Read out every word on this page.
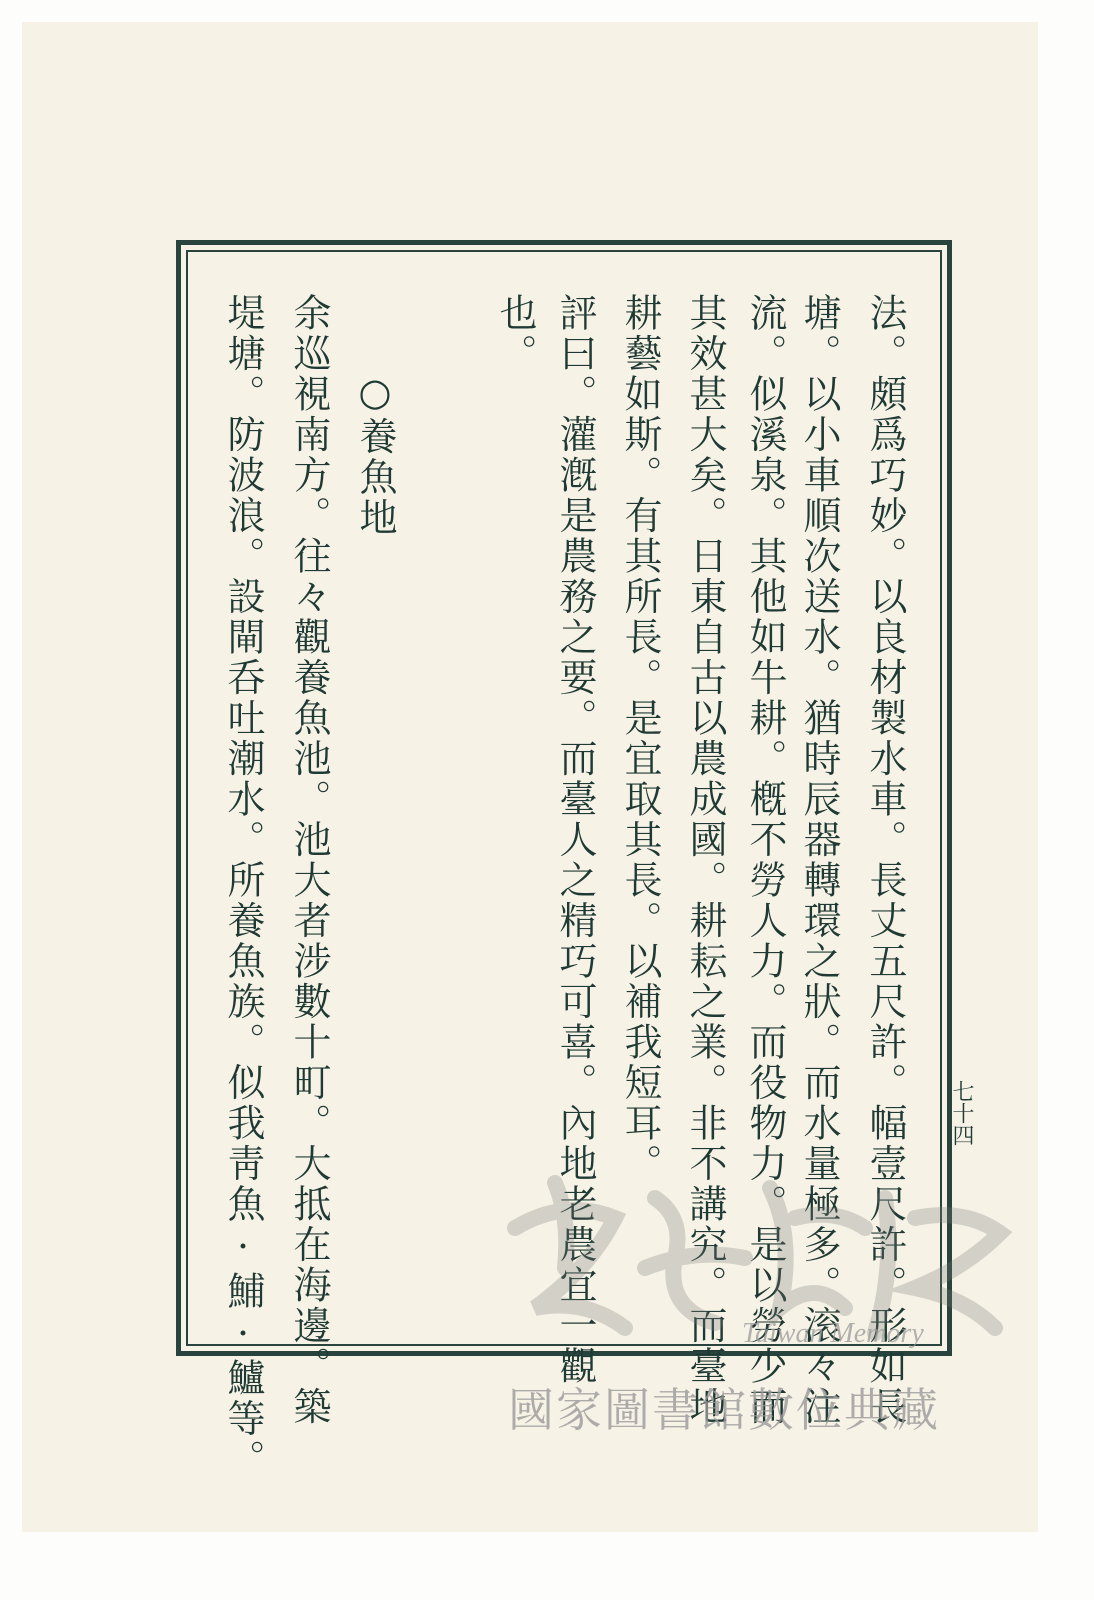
七十四

法。頗爲巧妙。以良材製水車。長丈五尺許。幅壹尺許。形如長

塘。以小車順次送水。猶時辰器轉環之狀。而水量極多。滚々注

流。似溪泉。其他如牛耕。槪不勞人力。而役物力。是以勞少而

其效甚大矣。日東自古以農成國。耕耘之業。非不講究。而臺地

耕藝如斯。有其所長。是宜取其長。以補我短耳。

評曰。灌漑是農務之要。而臺人之精巧可喜。內地老農宜一觀

也。

○養魚地

余巡視南方。往々觀養魚池。池大者涉數十町。大抵在海邊。築

堤塘。防波浪。設閘呑吐潮水。所養魚族。似我靑魚·鯆·鱸等。	Taiwan Memory
國家圖書館數位典藏
